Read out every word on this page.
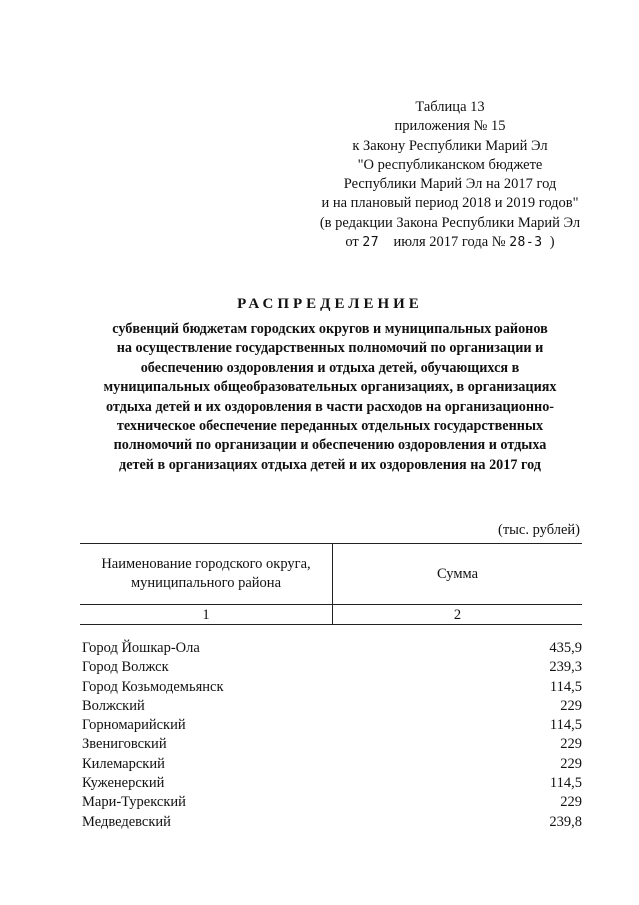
Таблица 13
приложения № 15
к Закону Республики Марий Эл
"О республиканском бюджете
Республики Марий Эл на 2017 год
и на плановый период 2018 и 2019 годов"
(в редакции Закона Республики Марий Эл
от 27 июля 2017 года № 28-З )
РАСПРЕДЕЛЕНИЕ
субвенций бюджетам городских округов и муниципальных районов
на осуществление государственных полномочий по организации и
обеспечению оздоровления и отдыха детей, обучающихся в
муниципальных общеобразовательных организациях, в организациях
отдыха детей и их оздоровления в части расходов на организационно-
техническое обеспечение переданных отдельных государственных
полномочий по организации и обеспечению оздоровления и отдыха
детей в организациях отдыха детей и их оздоровления на 2017 год
(тыс. рублей)
Наименование городского округа,
муниципального района	Сумма
1	2
Город Йошкар-Ола	435,9
Город Волжск	239,3
Город Козьмодемьянск	114,5
Волжский	229
Горномарийский	114,5
Звениговский	229
Килемарский	229
Куженерский	114,5
Мари-Турекский	229
Медведевский	239,8
